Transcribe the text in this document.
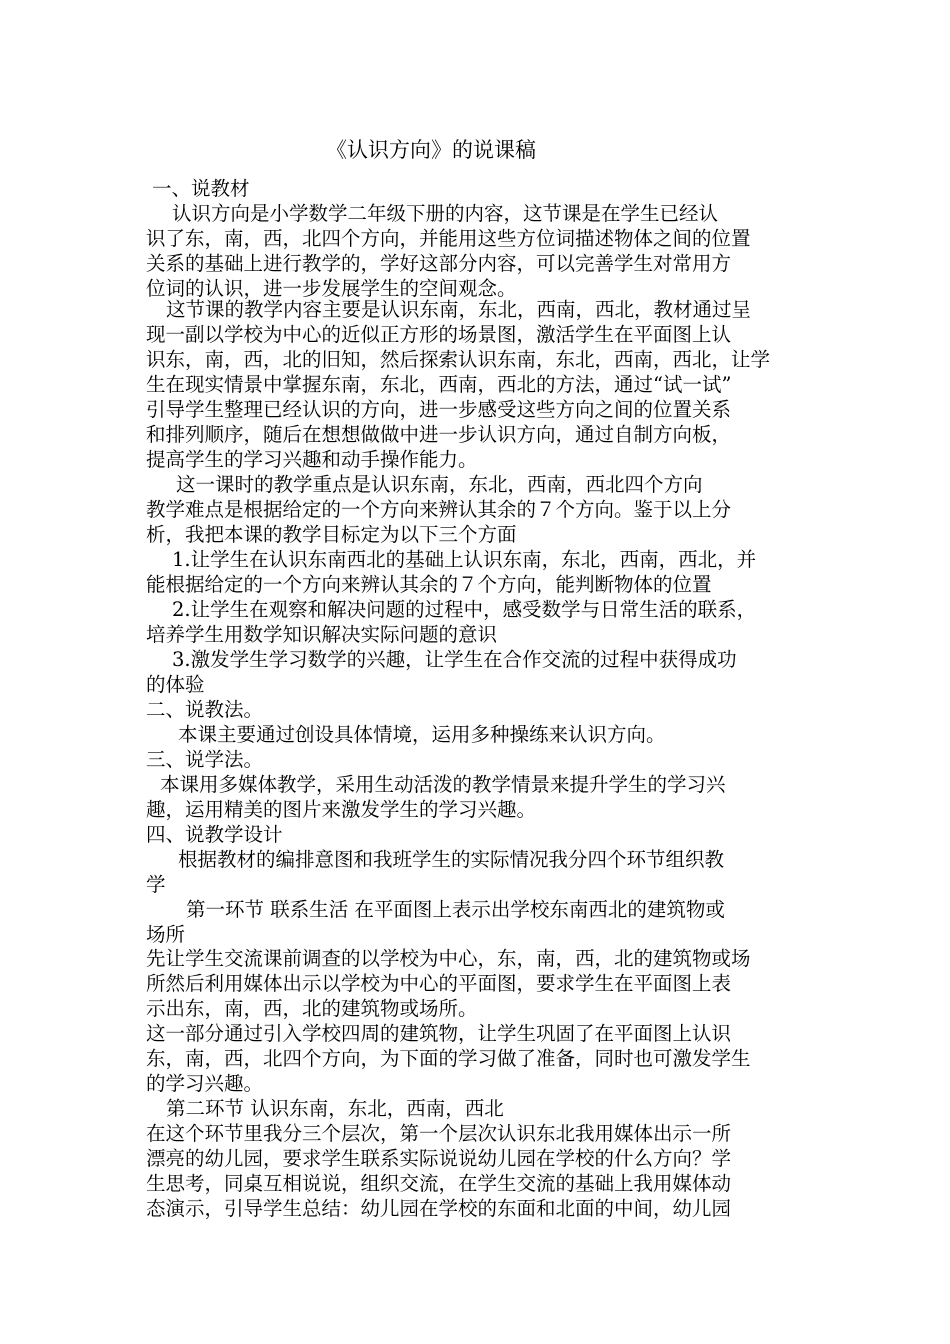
《认识方向》的说课稿
一、说教材
认识方向是小学数学二年级下册的内容，这节课是在学生已经认
识了东，南，西，北四个方向，并能用这些方位词描述物体之间的位置
关系的基础上进行教学的，学好这部分内容，可以完善学生对常用方
位词的认识，进一步发展学生的空间观念。
这节课的教学内容主要是认识东南，东北，西南，西北，教材通过呈
现一副以学校为中心的近似正方形的场景图，激活学生在平面图上认
识东，南，西，北的旧知，然后探索认识东南，东北，西南，西北，让学
生在现实情景中掌握东南，东北，西南，西北的方法，通过“试一试”
引导学生整理已经认识的方向，进一步感受这些方向之间的位置关系
和排列顺序，随后在想想做做中进一步认识方向，通过自制方向板，
提高学生的学习兴趣和动手操作能力。
这一课时的教学重点是认识东南，东北，西南，西北四个方向
教学难点是根据给定的一个方向来辨认其余的７个方向。鉴于以上分
析，我把本课的教学目标定为以下三个方面
1.让学生在认识东南西北的基础上认识东南，东北，西南，西北，并
能根据给定的一个方向来辨认其余的７个方向，能判断物体的位置
2.让学生在观察和解决问题的过程中，感受数学与日常生活的联系，
培养学生用数学知识解决实际问题的意识
3.激发学生学习数学的兴趣，让学生在合作交流的过程中获得成功
的体验
二、说教法。
本课主要通过创设具体情境，运用多种操练来认识方向。
三、说学法。
本课用多媒体教学，采用生动活泼的教学情景来提升学生的学习兴
趣，运用精美的图片来激发学生的学习兴趣。
四、说教学设计
根据教材的编排意图和我班学生的实际情况我分四个环节组织教
学
第一环节 联系生活 在平面图上表示出学校东南西北的建筑物或
场所
先让学生交流课前调查的以学校为中心，东，南，西，北的建筑物或场
所然后利用媒体出示以学校为中心的平面图，要求学生在平面图上表
示出东，南，西，北的建筑物或场所。
这一部分通过引入学校四周的建筑物，让学生巩固了在平面图上认识
东，南，西，北四个方向，为下面的学习做了准备，同时也可激发学生
的学习兴趣。
第二环节 认识东南，东北，西南，西北
在这个环节里我分三个层次，第一个层次认识东北我用媒体出示一所
漂亮的幼儿园，要求学生联系实际说说幼儿园在学校的什么方向？学
生思考，同桌互相说说，组织交流，在学生交流的基础上我用媒体动
态演示，引导学生总结：幼儿园在学校的东面和北面的中间，幼儿园
